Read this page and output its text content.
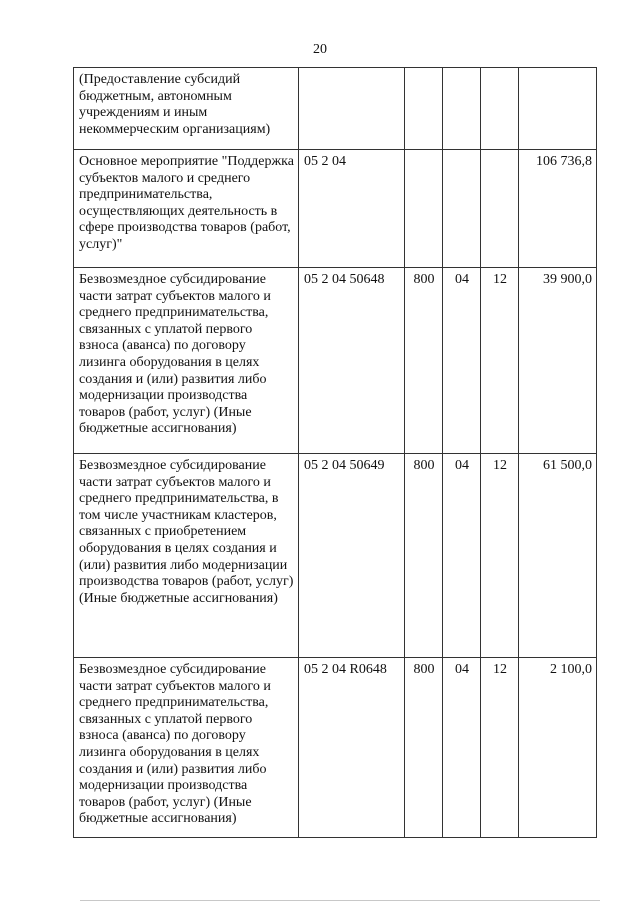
20
(Предоставление субсидий бюджетным, автономным учреждениям и иным некоммерческим организациям)					
Основное мероприятие "Поддержка субъектов малого и среднего предпринимательства, осуществляющих деятельность в сфере производства товаров (работ, услуг)"	05 2 04				106 736,8
Безвозмездное субсидирование части затрат субъектов малого и среднего предпринимательства, связанных с уплатой первого взноса (аванса) по договору лизинга оборудования в целях создания и (или) развития либо модернизации производства товаров (работ, услуг) (Иные бюджетные ассигнования)	05 2 04 50648	800	04	12	39 900,0
Безвозмездное субсидирование части затрат субъектов малого и среднего предпринимательства, в том числе участникам кластеров, связанных с приобретением оборудования в целях создания и (или) развития либо модернизации производства товаров (работ, услуг) (Иные бюджетные ассигнования)	05 2 04 50649	800	04	12	61 500,0
Безвозмездное субсидирование части затрат субъектов малого и среднего предпринимательства, связанных с уплатой первого взноса (аванса) по договору лизинга оборудования в целях создания и (или) развития либо модернизации производства товаров (работ, услуг) (Иные бюджетные ассигнования)	05 2 04 R0648	800	04	12	2 100,0
